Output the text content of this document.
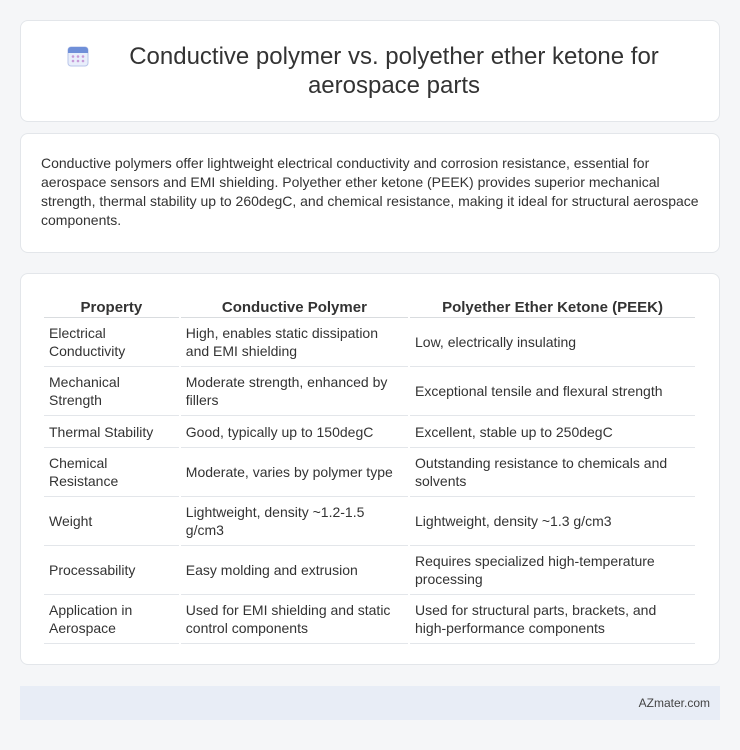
Conductive polymer vs. polyether ether ketone for aerospace parts

Conductive polymers offer lightweight electrical conductivity and corrosion resistance, essential for aerospace sensors and EMI shielding. Polyether ether ketone (PEEK) provides superior mechanical strength, thermal stability up to 260degC, and chemical resistance, making it ideal for structural aerospace components.

Property	Conductive Polymer	Polyether Ether Ketone (PEEK)
Electrical Conductivity	High, enables static dissipation and EMI shielding	Low, electrically insulating
Mechanical Strength	Moderate strength, enhanced by fillers	Exceptional tensile and flexural strength
Thermal Stability	Good, typically up to 150degC	Excellent, stable up to 250degC
Chemical Resistance	Moderate, varies by polymer type	Outstanding resistance to chemicals and solvents
Weight	Lightweight, density ~1.2-1.5 g/cm3	Lightweight, density ~1.3 g/cm3
Processability	Easy molding and extrusion	Requires specialized high-temperature processing
Application in Aerospace	Used for EMI shielding and static control components	Used for structural parts, brackets, and high-performance components
AZmater.com
